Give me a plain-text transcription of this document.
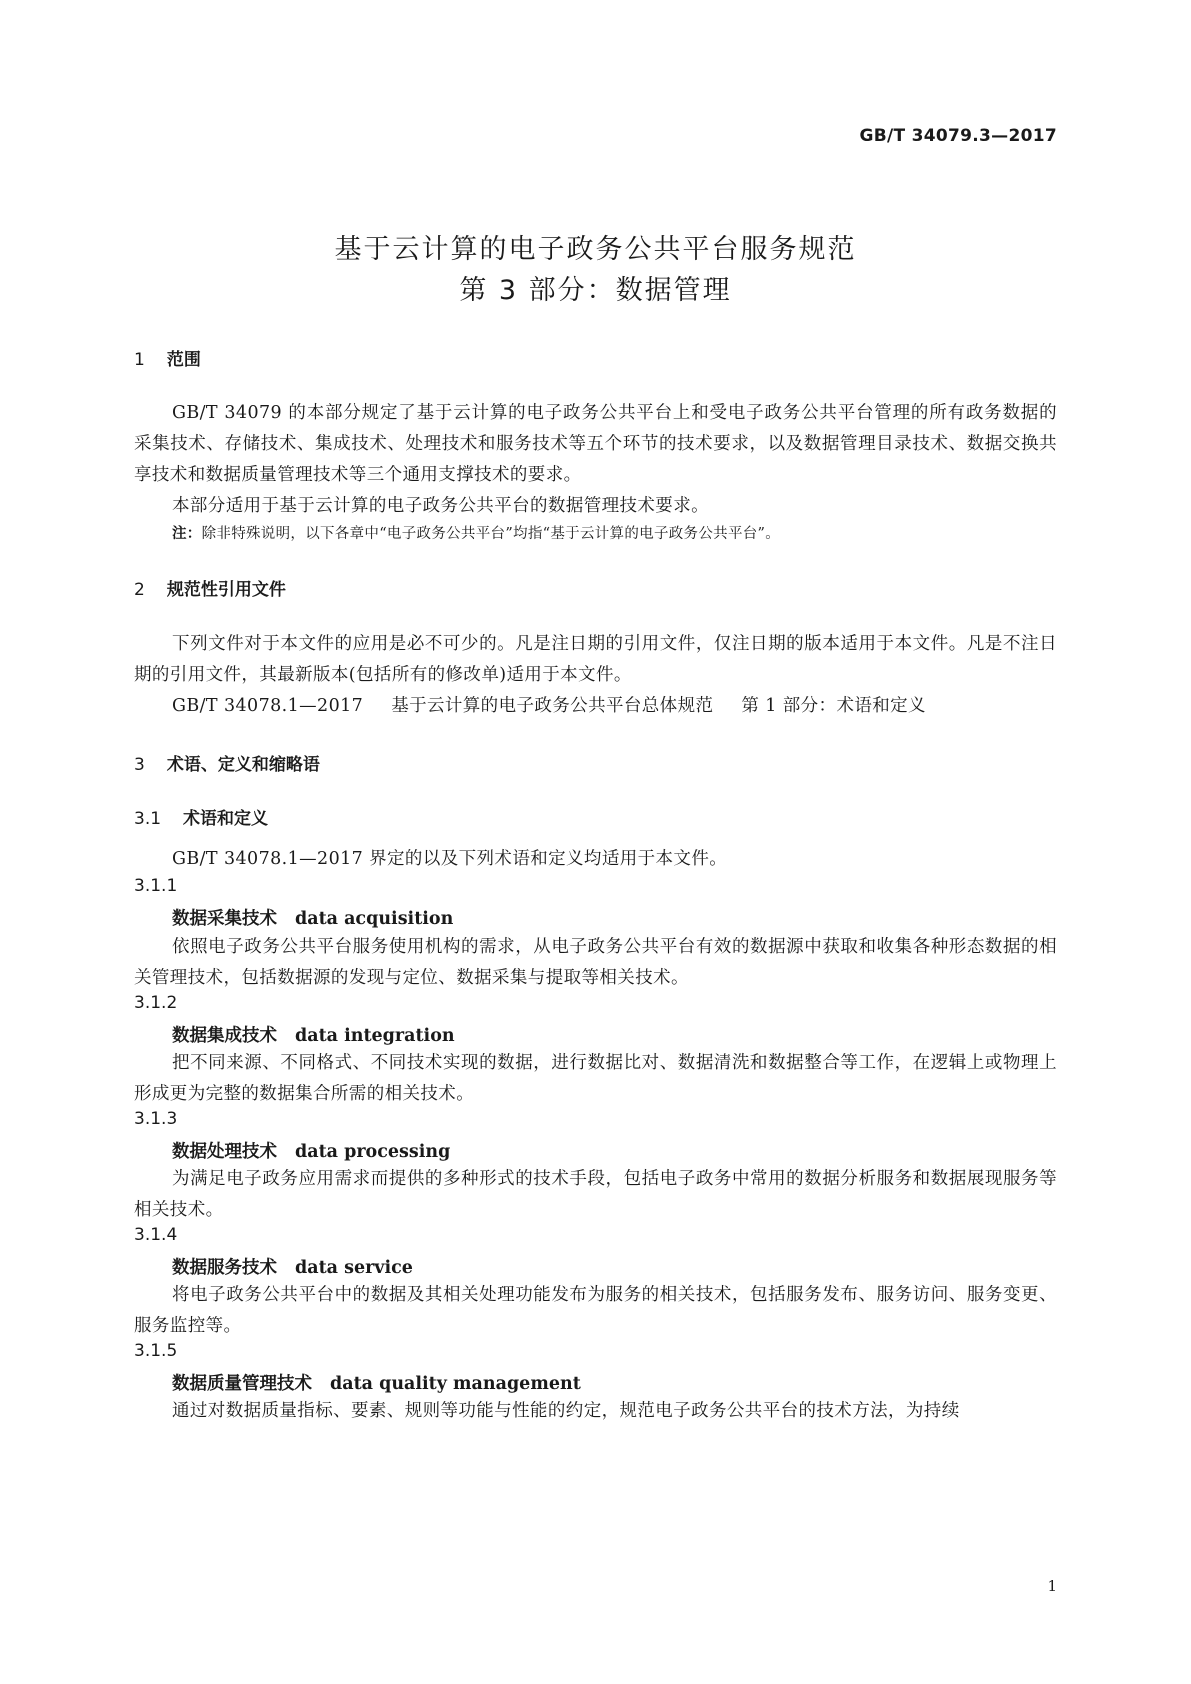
GB/T 34079.3—2017
基于云计算的电子政务公共平台服务规范
第 3 部分：数据管理
1 范围
GB/T 34079 的本部分规定了基于云计算的电子政务公共平台上和受电子政务公共平台管理的所有政务数据的采集技术、存储技术、集成技术、处理技术和服务技术等五个环节的技术要求，以及数据管理目录技术、数据交换共享技术和数据质量管理技术等三个通用支撑技术的要求。
本部分适用于基于云计算的电子政务公共平台的数据管理技术要求。
注：除非特殊说明，以下各章中“电子政务公共平台”均指“基于云计算的电子政务公共平台”。
2 规范性引用文件
下列文件对于本文件的应用是必不可少的。凡是注日期的引用文件，仅注日期的版本适用于本文件。凡是不注日期的引用文件，其最新版本(包括所有的修改单)适用于本文件。
GB/T 34078.1—2017 基于云计算的电子政务公共平台总体规范 第 1 部分：术语和定义
3 术语、定义和缩略语
3.1 术语和定义
GB/T 34078.1—2017 界定的以及下列术语和定义均适用于本文件。
3.1.1
数据采集技术 data acquisition
依照电子政务公共平台服务使用机构的需求，从电子政务公共平台有效的数据源中获取和收集各种形态数据的相关管理技术，包括数据源的发现与定位、数据采集与提取等相关技术。
3.1.2
数据集成技术 data integration
把不同来源、不同格式、不同技术实现的数据，进行数据比对、数据清洗和数据整合等工作，在逻辑上或物理上形成更为完整的数据集合所需的相关技术。
3.1.3
数据处理技术 data processing
为满足电子政务应用需求而提供的多种形式的技术手段，包括电子政务中常用的数据分析服务和数据展现服务等相关技术。
3.1.4
数据服务技术 data service
将电子政务公共平台中的数据及其相关处理功能发布为服务的相关技术，包括服务发布、服务访问、服务变更、服务监控等。
3.1.5
数据质量管理技术 data quality management
通过对数据质量指标、要素、规则等功能与性能的约定，规范电子政务公共平台的技术方法，为持续
1
